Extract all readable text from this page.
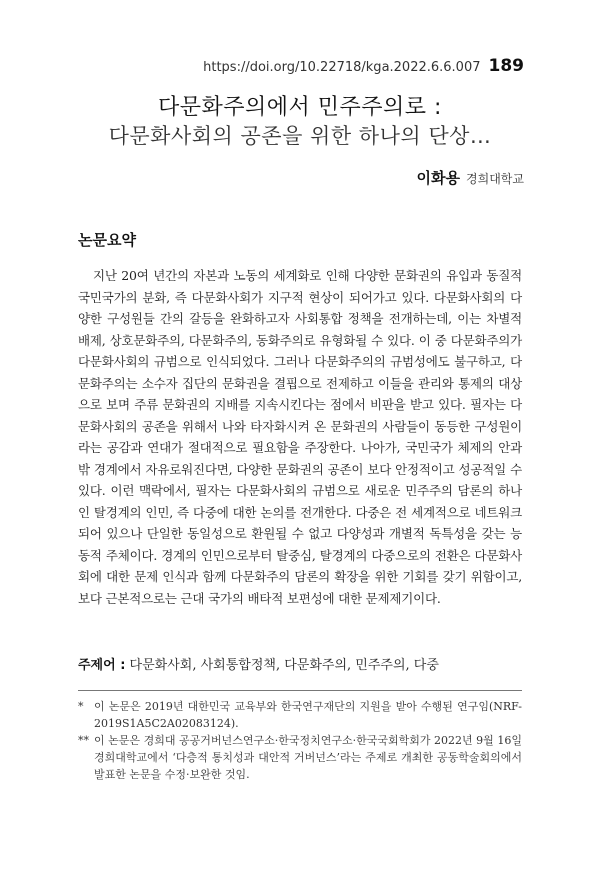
https://doi.org/10.22718/kga.2022.6.6.007 189
다문화주의에서 민주주의로 :
다문화사회의 공존을 위한 하나의 단상…
이화용 경희대학교
논문요약

지난 20여 년간의 자본과 노동의 세계화로 인해 다양한 문화권의 유입과 동질적 국민국가의 분화, 즉 다문화사회가 지구적 현상이 되어가고 있다. 다문화사회의 다양한 구성원들 간의 갈등을 완화하고자 사회통합 정책을 전개하는데, 이는 차별적 배제, 상호문화주의, 다문화주의, 동화주의로 유형화될 수 있다. 이 중 다문화주의가 다문화사회의 규범으로 인식되었다. 그러나 다문화주의의 규범성에도 불구하고, 다문화주의는 소수자 집단의 문화권을 결핍으로 전제하고 이들을 관리와 통제의 대상으로 보며 주류 문화권의 지배를 지속시킨다는 점에서 비판을 받고 있다. 필자는 다문화사회의 공존을 위해서 나와 타자화시켜 온 문화권의 사람들이 동등한 구성원이라는 공감과 연대가 절대적으로 필요함을 주장한다. 나아가, 국민국가 체제의 안과 밖 경계에서 자유로워진다면, 다양한 문화권의 공존이 보다 안정적이고 성공적일 수 있다. 이런 맥락에서, 필자는 다문화사회의 규범으로 새로운 민주주의 담론의 하나인 탈경계의 인민, 즉 다중에 대한 논의를 전개한다. 다중은 전 세계적으로 네트워크되어 있으나 단일한 동일성으로 환원될 수 없고 다양성과 개별적 독특성을 갖는 능동적 주체이다. 경계의 인민으로부터 탈중심, 탈경계의 다중으로의 전환은 다문화사회에 대한 문제 인식과 함께 다문화주의 담론의 확장을 위한 기회를 갖기 위함이고, 보다 근본적으로는 근대 국가의 배타적 보편성에 대한 문제제기이다.

주제어 : 다문화사회, 사회통합정책, 다문화주의, 민주주의, 다중
* 이 논문은 2019년 대한민국 교육부와 한국연구재단의 지원을 받아 수행된 연구임(NRF-2019S1A5C2A02083124).
** 이 논문은 경희대 공공거버넌스연구소·한국정치연구소·한국국회학회가 2022년 9월 16일 경희대학교에서 ‘다층적 통치성과 대안적 거버넌스’라는 주제로 개최한 공동학술회의에서 발표한 논문을 수정·보완한 것임.
